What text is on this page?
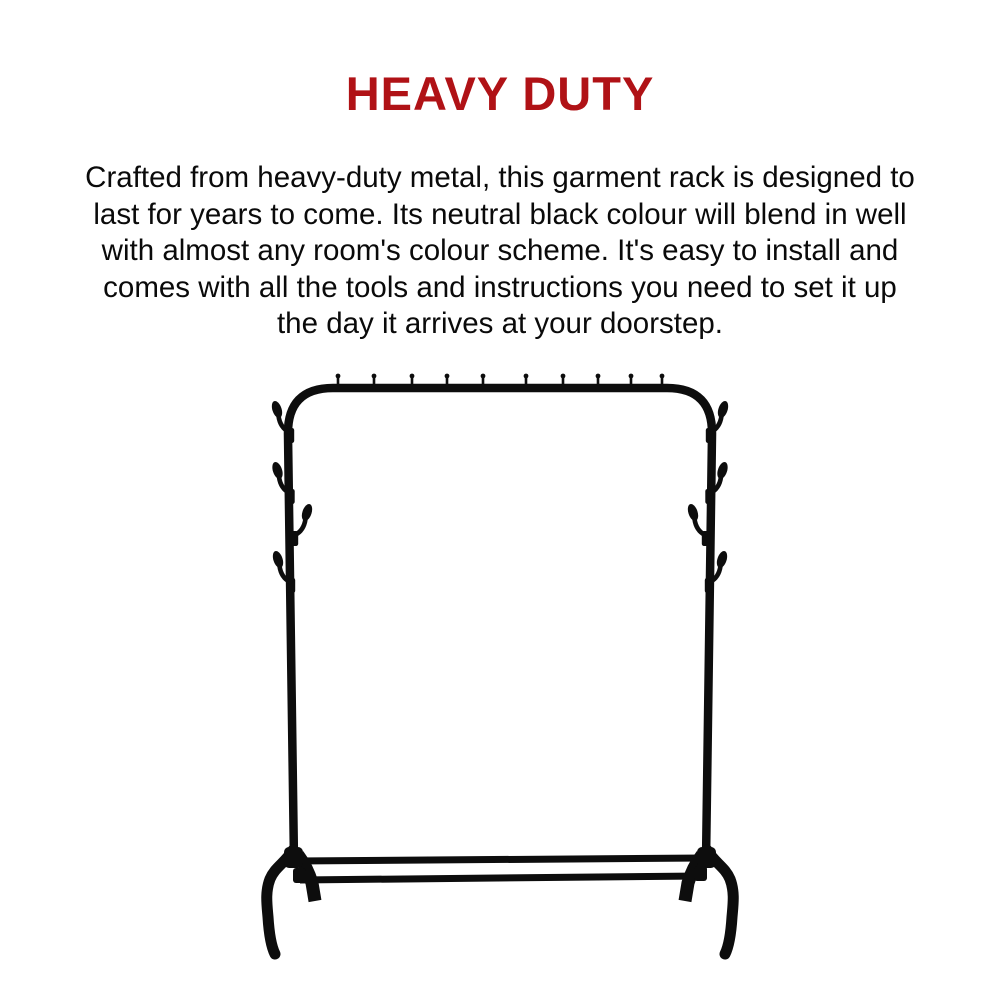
HEAVY DUTY
Crafted from heavy-duty metal, this garment rack is designed to
last for years to come. Its neutral black colour will blend in well
with almost any room's colour scheme. It's easy to install and
comes with all the tools and instructions you need to set it up
the day it arrives at your doorstep.
